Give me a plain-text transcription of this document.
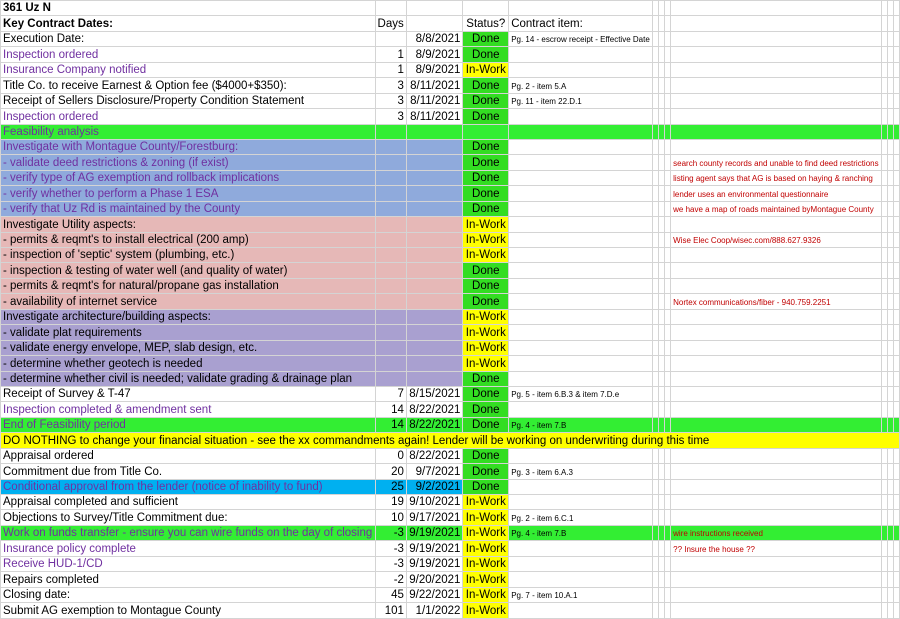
361 Uz N											
Key Contract Dates:	Days		Status?	Contract item:							
Execution Date:		8/8/2021	Done	Pg. 14 - escrow receipt - Effective Date							
Inspection ordered	1	8/9/2021	Done								
Insurance Company notified	1	8/9/2021	In-Work								
Title Co. to receive Earnest & Option fee ($4000+$350):	3	8/11/2021	Done	Pg. 2 - item 5.A							
Receipt of Sellers Disclosure/Property Condition Statement	3	8/11/2021	Done	Pg. 11 - item 22.D.1							
Inspection ordered	3	8/11/2021	Done								
Feasibility analysis											
Investigate with Montague County/Forestburg:			Done								
- validate deed restrictions & zoning (if exist)			Done					search county records and unable to find deed restrictions			
- verify type of AG exemption and rollback implications			Done					listing agent says that AG is based on haying & ranching			
- verify whether to perform a Phase 1 ESA			Done					lender uses an environmental questionnaire			
- verify that Uz Rd is maintained by the County			Done					we have a map of roads maintained byMontague County			
Investigate Utility aspects:			In-Work								
- permits & reqmt's to install electrical (200 amp)			In-Work					Wise Elec Coop/wisec.com/888.627.9326			
- inspection of 'septic' system (plumbing, etc.)			In-Work								
- inspection & testing of water well (and quality of water)			Done								
- permits & reqmt's for natural/propane gas installation			Done								
- availability of internet service			Done					Nortex communications/fiber - 940.759.2251			
Investigate architecture/building aspects:			In-Work								
- validate plat requirements			In-Work								
- validate energy envelope, MEP, slab design, etc.			In-Work								
- determine whether geotech is needed			In-Work								
- determine whether civil is needed; validate grading & drainage plan			Done								
Receipt of Survey & T-47	7	8/15/2021	Done	Pg. 5 - item 6.B.3 & item 7.D.e							
Inspection completed & amendment sent	14	8/22/2021	Done								
End of Feasibility period	14	8/22/2021	Done	Pg. 4 - item 7.B							
DO NOTHING to change your financial situation - see the xx commandments again! Lender will be working on underwriting during this time											
Appraisal ordered	0	8/22/2021	Done								
Commitment due from Title Co.	20	9/7/2021	Done	Pg. 3 - item 6.A.3							
Conditional approval from the lender (notice of inability to fund)	25	9/2/2021	Done								
Appraisal completed and sufficient	19	9/10/2021	In-Work								
Objections to Survey/Title Commitment due:	10	9/17/2021	In-Work	Pg. 2 - item 6.C.1							
Work on funds transfer - ensure you can wire funds on the day of closing	-3	9/19/2021	In-Work	Pg. 4 - item 7.B				wire instructions received			
Insurance policy complete	-3	9/19/2021	In-Work					?? Insure the house ??			
Receive HUD-1/CD	-3	9/19/2021	In-Work								
Repairs completed	-2	9/20/2021	In-Work								
Closing date:	45	9/22/2021	In-Work	Pg. 7 - item 10.A.1							
Submit AG exemption to Montague County	101	1/1/2022	In-Work								
